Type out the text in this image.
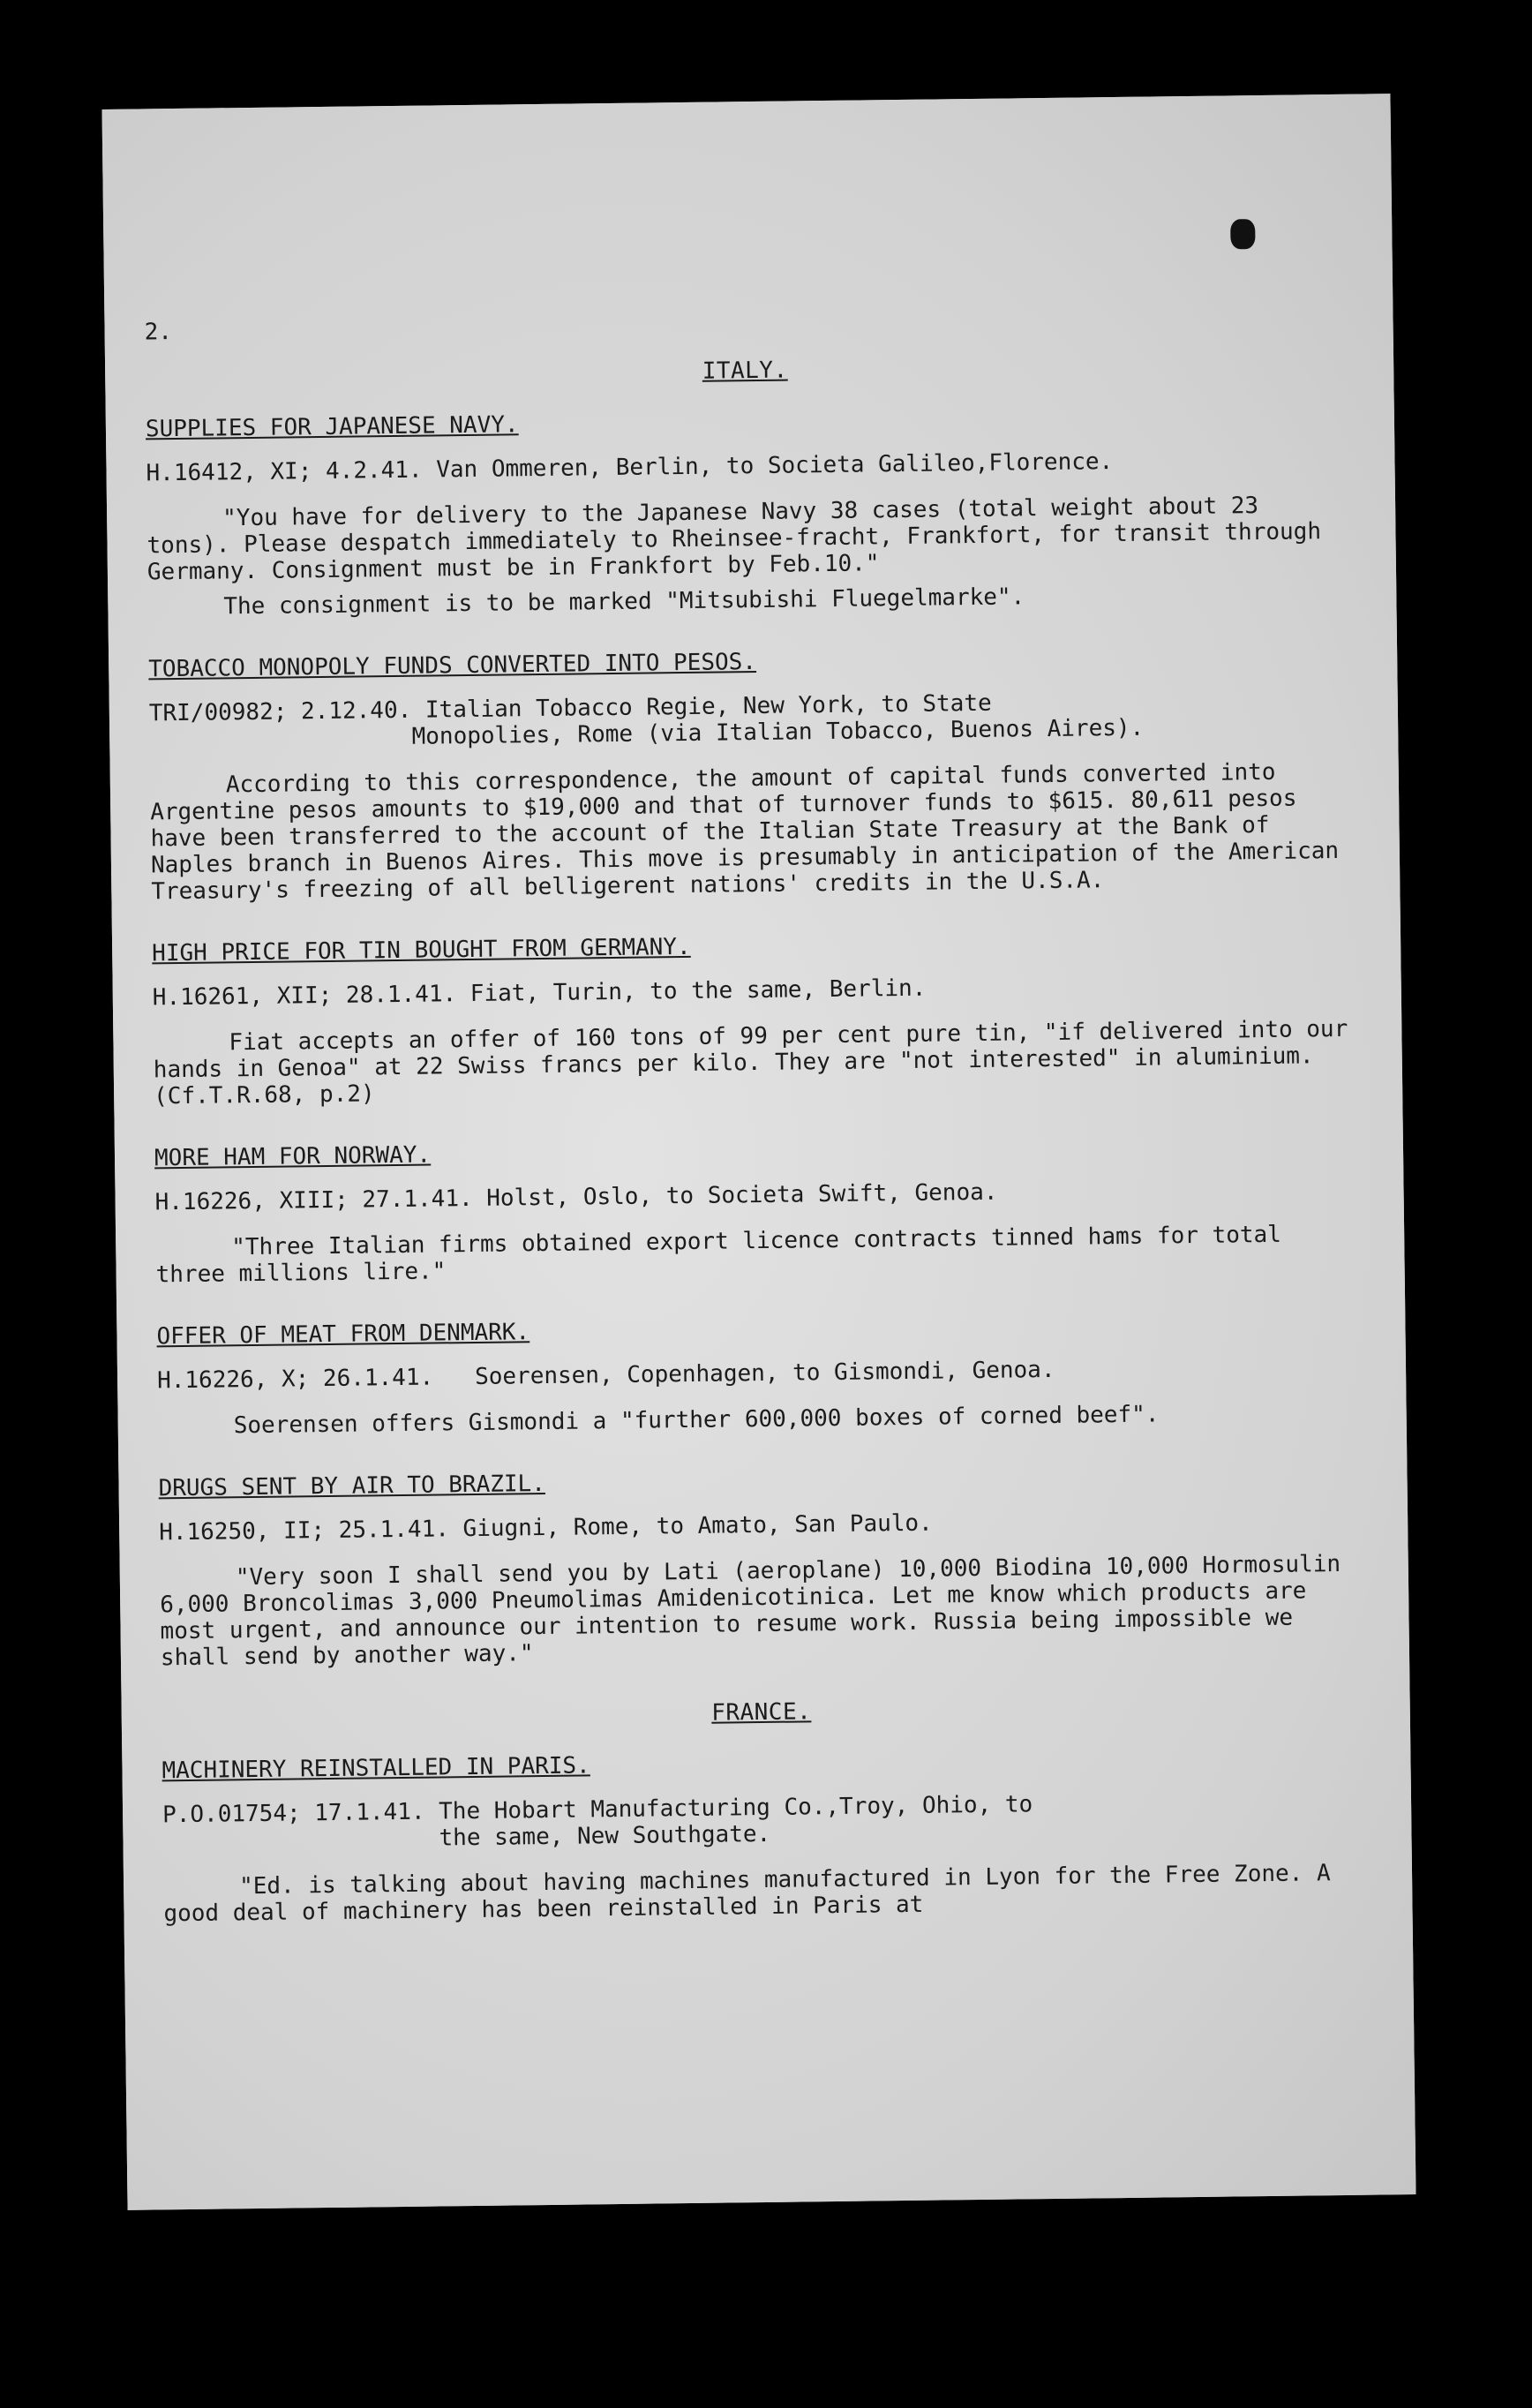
2.
ITALY.
SUPPLIES FOR JAPANESE NAVY.
H.16412, XI; 4.2.41. Van Ommeren, Berlin, to Societa Galileo,Florence.
"You have for delivery to the Japanese Navy 38 cases (total weight about 23 tons). Please despatch immediately to Rheinsee-fracht, Frankfort, for transit through Germany. Consignment must be in Frankfort by Feb.10."
The consignment is to be marked "Mitsubishi Fluegelmarke".
TOBACCO MONOPOLY FUNDS CONVERTED INTO PESOS.
TRI/00982; 2.12.40. Italian Tobacco Regie, New York, to State
Monopolies, Rome (via Italian Tobacco, Buenos Aires).
According to this correspondence, the amount of capital funds converted into Argentine pesos amounts to $19,000 and that of turnover funds to $615. 80,611 pesos have been transferred to the account of the Italian State Treasury at the Bank of Naples branch in Buenos Aires. This move is presumably in anticipation of the American Treasury's freezing of all belligerent nations' credits in the U.S.A.
HIGH PRICE FOR TIN BOUGHT FROM GERMANY.
H.16261, XII; 28.1.41. Fiat, Turin, to the same, Berlin.
Fiat accepts an offer of 160 tons of 99 per cent pure tin, "if delivered into our hands in Genoa" at 22 Swiss francs per kilo. They are "not interested" in aluminium. (Cf.T.R.68, p.2)
MORE HAM FOR NORWAY.
H.16226, XIII; 27.1.41. Holst, Oslo, to Societa Swift, Genoa.
"Three Italian firms obtained export licence contracts tinned hams for total three millions lire."
OFFER OF MEAT FROM DENMARK.
H.16226, X; 26.1.41.   Soerensen, Copenhagen, to Gismondi, Genoa.
Soerensen offers Gismondi a "further 600,000 boxes of corned beef".
DRUGS SENT BY AIR TO BRAZIL.
H.16250, II; 25.1.41. Giugni, Rome, to Amato, San Paulo.
"Very soon I shall send you by Lati (aeroplane) 10,000 Biodina 10,000 Hormosulin 6,000 Broncolimas 3,000 Pneumolimas Amidenicotinica. Let me know which products are most urgent, and announce our intention to resume work. Russia being impossible we shall send by another way."
FRANCE.
MACHINERY REINSTALLED IN PARIS.
P.O.01754; 17.1.41. The Hobart Manufacturing Co.,Troy, Ohio, to
the same, New Southgate.
"Ed. is talking about having machines manufactured in Lyon for the Free Zone. A good deal of machinery has been reinstalled in Paris at
